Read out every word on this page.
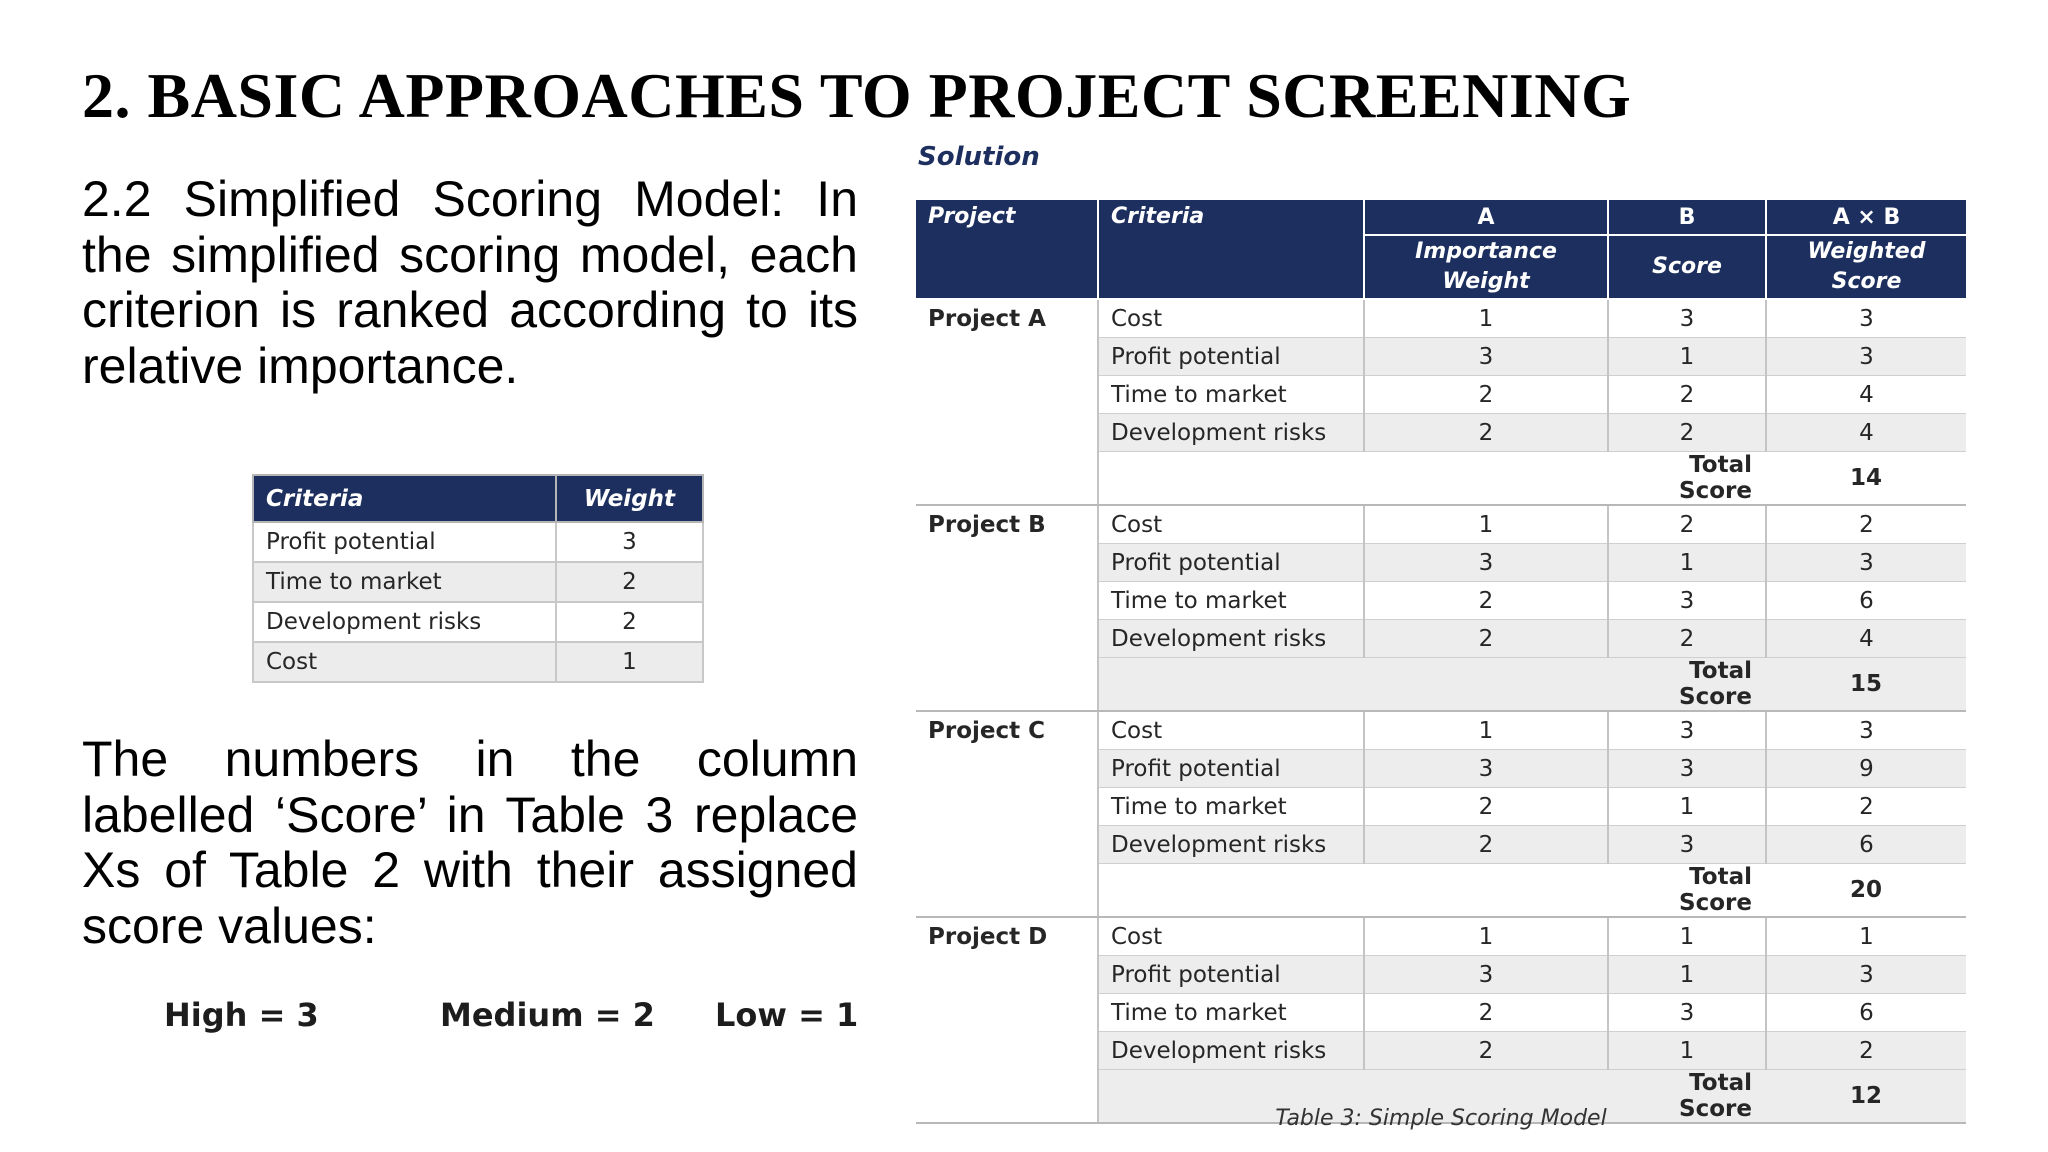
2. BASIC APPROACHES TO PROJECT SCREENING

2.2 Simplified Scoring Model: In the simplified scoring model, each criterion is ranked according to its relative importance.

Criteria	Weight
Profit potential	3
Time to market	2
Development risks	2
Cost	1

The numbers in the column labelled ‘Score’ in Table 3 replace Xs of Table 2 with their assigned score values:

High = 3	Medium = 2 Low = 1
Solution
Project	Criteria	A	B	A × B
		Importance Weight	Score	Weighted Score
Project A	Cost	1	3	3
	Profit potential	3	1	3
	Time to market	2	2	4
	Development risks	2	2	4
			Total Score	14
Project B	Cost	1	2	2
	Profit potential	3	1	3
	Time to market	2	3	6
	Development risks	2	2	4
			Total Score	15
Project C	Cost	1	3	3
	Profit potential	3	3	9
	Time to market	2	1	2
	Development risks	2	3	6
			Total Score	20
Project D	Cost	1	1	1
	Profit potential	3	1	3
	Time to market	2	3	6
	Development risks	2	1	2
			Total Score	12
Table 3: Simple Scoring Model
